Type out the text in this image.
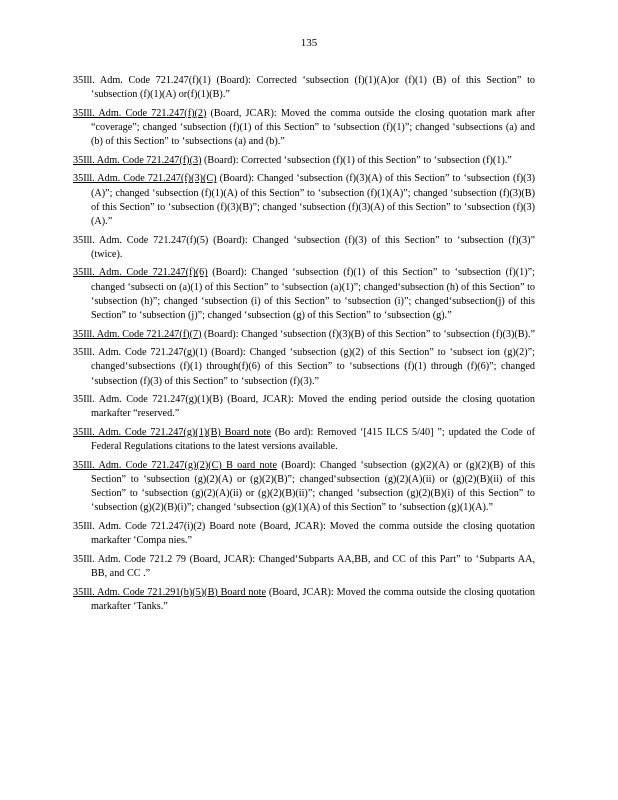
135

35Ill. Adm. Code 721.247(f)(1) (Board): Corrected ‘subsection (f)(1)(A)or (f)(1) (B) of this Section” to ‘subsection (f)(1)(A) or(f)(1)(B).”

35Ill. Adm. Code 721.247(f)(2) (Board, JCAR): Moved the comma outside the closing quotation mark after “coverage”; changed ‘subsection (f)(1) of this Section” to ‘subsection (f)(1)”; changed ‘subsections (a) and (b) of this Section” to ‘subsections (a) and (b).”

35Ill. Adm. Code 721.247(f)(3) (Board): Corrected ‘subsection (f)(1) of this Section” to ‘subsection (f)(1).”

35Ill. Adm. Code 721.247(f)(3)(C) (Board): Changed ‘subsection (f)(3)(A) of this Section” to ‘subsection (f)(3)(A)”; changed ‘subsection (f)(1)(A) of this Section” to ‘subsection (f)(1)(A)”; changed ‘subsection (f)(3)(B) of this Section” to ‘subsection (f)(3)(B)”; changed ‘subsection (f)(3)(A) of this Section” to ‘subsection (f)(3)(A).”

35Ill. Adm. Code 721.247(f)(5) (Board): Changed ‘subsection (f)(3) of this Section” to ‘subsection (f)(3)” (twice).

35Ill. Adm. Code 721.247(f)(6) (Board): Changed ‘subsection (f)(1) of this Section” to ‘subsection (f)(1)”; changed ‘subsecti on (a)(1) of this Section” to ‘subsection (a)(1)”; changed‘subsection (h) of this Section” to ‘subsection (h)”; changed ‘subsection (i) of this Section” to ‘subsection (i)”; changed‘subsection(j) of this Section” to ‘subsection (j)”; changed ‘subsection (g) of this Section” to ‘subsection (g).”

35Ill. Adm. Code 721.247(f)(7) (Board): Changed ‘subsection (f)(3)(B) of this Section” to ‘subsection (f)(3)(B).”

35Ill. Adm. Code 721.247(g)(1) (Board): Changed ‘subsection (g)(2) of this Section” to ‘subsect ion (g)(2)”; changed‘subsections (f)(1) through(f)(6) of this Section” to ‘subsections (f)(1) through (f)(6)”; changed ‘subsection (f)(3) of this Section” to ‘subsection (f)(3).”

35Ill. Adm. Code 721.247(g)(1)(B) (Board, JCAR): Moved the ending period outside the closing quotation markafter “reserved.”

35Ill. Adm. Code 721.247(g)(1)(B) Board note (Bo ard): Removed ‘[415 ILCS 5/40] ”; updated the Code of Federal Regulations citations to the latest versions available.

35Ill. Adm. Code 721.247(g)(2)(C) B oard note (Board): Changed ‘subsection (g)(2)(A) or (g)(2)(B) of this Section” to ‘subsection (g)(2)(A) or (g)(2)(B)”; changed‘subsection (g)(2)(A)(ii) or (g)(2)(B)(ii) of this Section” to ‘subsection (g)(2)(A)(ii) or (g)(2)(B)(ii)”; changed ‘subsection (g)(2)(B)(i) of this Section” to ‘subsection (g)(2)(B)(i)”; changed ‘subsection (g)(1)(A) of this Section” to ‘subsection (g)(1)(A).”

35Ill. Adm. Code 721.247(i)(2) Board note (Board, JCAR): Moved the comma outside the closing quotation markafter ‘Compa nies.”

35Ill. Adm. Code 721.2 79 (Board, JCAR): Changed‘Subparts AA,BB, and CC of this Part” to ‘Subparts AA, BB, and CC .”

35Ill. Adm. Code 721.291(b)(5)(B) Board note (Board, JCAR): Moved the comma outside the closing quotation markafter ‘Tanks.”
